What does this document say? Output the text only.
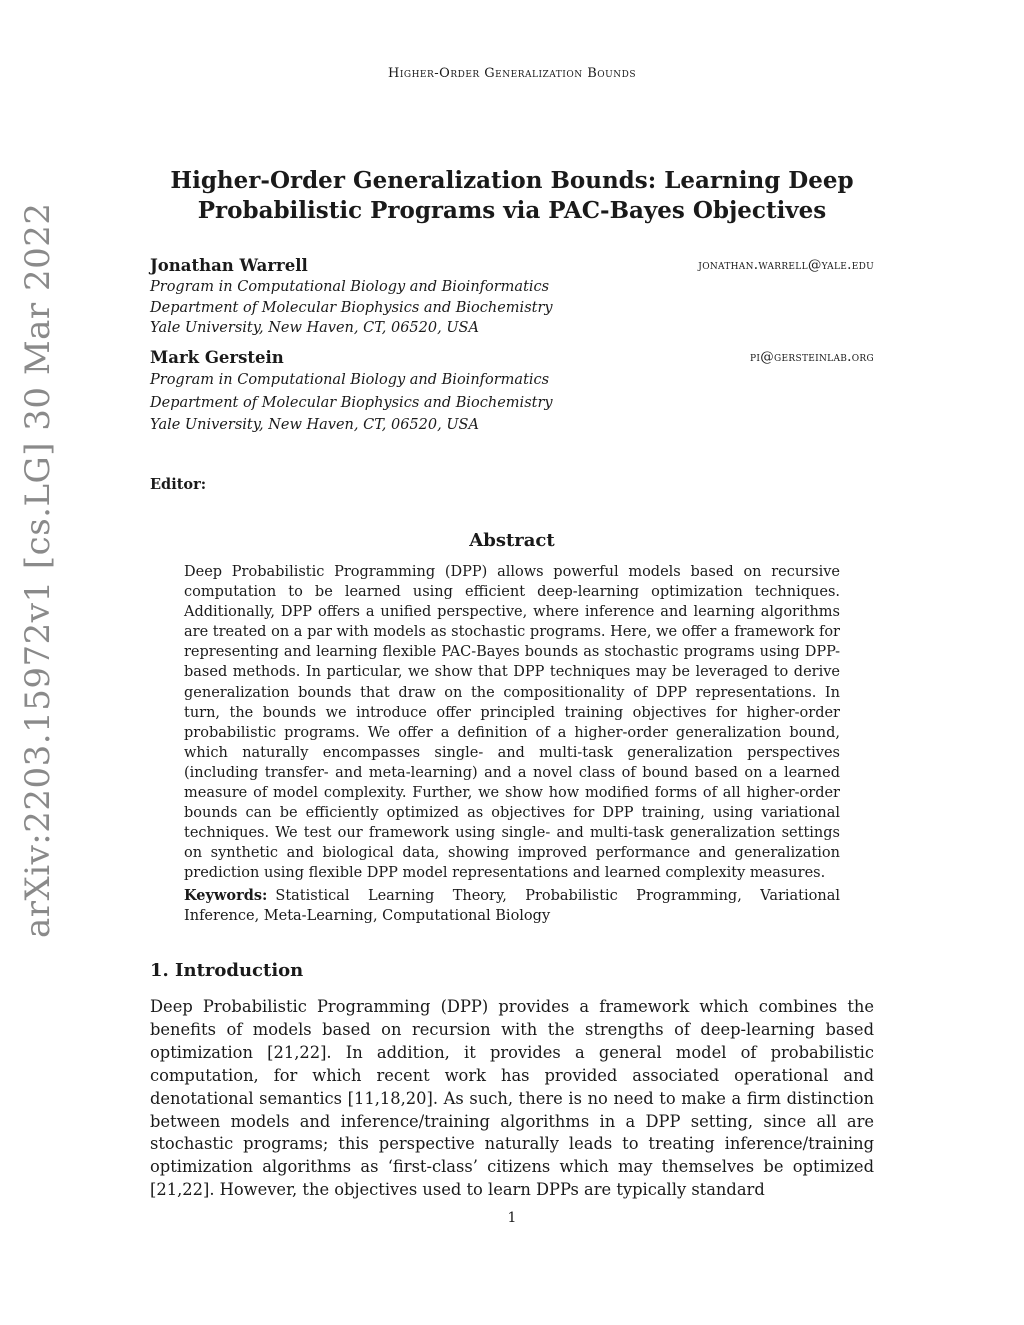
Higher-Order Generalization Bounds
arXiv:2203.15972v1 [cs.LG] 30 Mar 2022
Higher-Order Generalization Bounds: Learning Deep Probabilistic Programs via PAC-Bayes Objectives
Jonathan Warrell	jonathan.warrell@yale.edu
Program in Computational Biology and Bioinformatics
Department of Molecular Biophysics and Biochemistry
Yale University, New Haven, CT, 06520, USA
Mark Gerstein	pi@gersteinlab.org
Program in Computational Biology and Bioinformatics
Department of Molecular Biophysics and Biochemistry
Yale University, New Haven, CT, 06520, USA
Editor:
Abstract
Deep Probabilistic Programming (DPP) allows powerful models based on recursive computation to be learned using efficient deep-learning optimization techniques. Additionally, DPP offers a unified perspective, where inference and learning algorithms are treated on a par with models as stochastic programs. Here, we offer a framework for representing and learning flexible PAC-Bayes bounds as stochastic programs using DPP-based methods. In particular, we show that DPP techniques may be leveraged to derive generalization bounds that draw on the compositionality of DPP representations. In turn, the bounds we introduce offer principled training objectives for higher-order probabilistic programs. We offer a definition of a higher-order generalization bound, which naturally encompasses single- and multi-task generalization perspectives (including transfer- and meta-learning) and a novel class of bound based on a learned measure of model complexity. Further, we show how modified forms of all higher-order bounds can be efficiently optimized as objectives for DPP training, using variational techniques. We test our framework using single- and multi-task generalization settings on synthetic and biological data, showing improved performance and generalization prediction using flexible DPP model representations and learned complexity measures.
Keywords: Statistical Learning Theory, Probabilistic Programming, Variational Inference, Meta-Learning, Computational Biology
1. Introduction
Deep Probabilistic Programming (DPP) provides a framework which combines the benefits of models based on recursion with the strengths of deep-learning based optimization [21,22]. In addition, it provides a general model of probabilistic computation, for which recent work has provided associated operational and denotational semantics [11,18,20]. As such, there is no need to make a firm distinction between models and inference/training algorithms in a DPP setting, since all are stochastic programs; this perspective naturally leads to treating inference/training optimization algorithms as ‘first-class’ citizens which may themselves be optimized [21,22]. However, the objectives used to learn DPPs are typically standard
1
